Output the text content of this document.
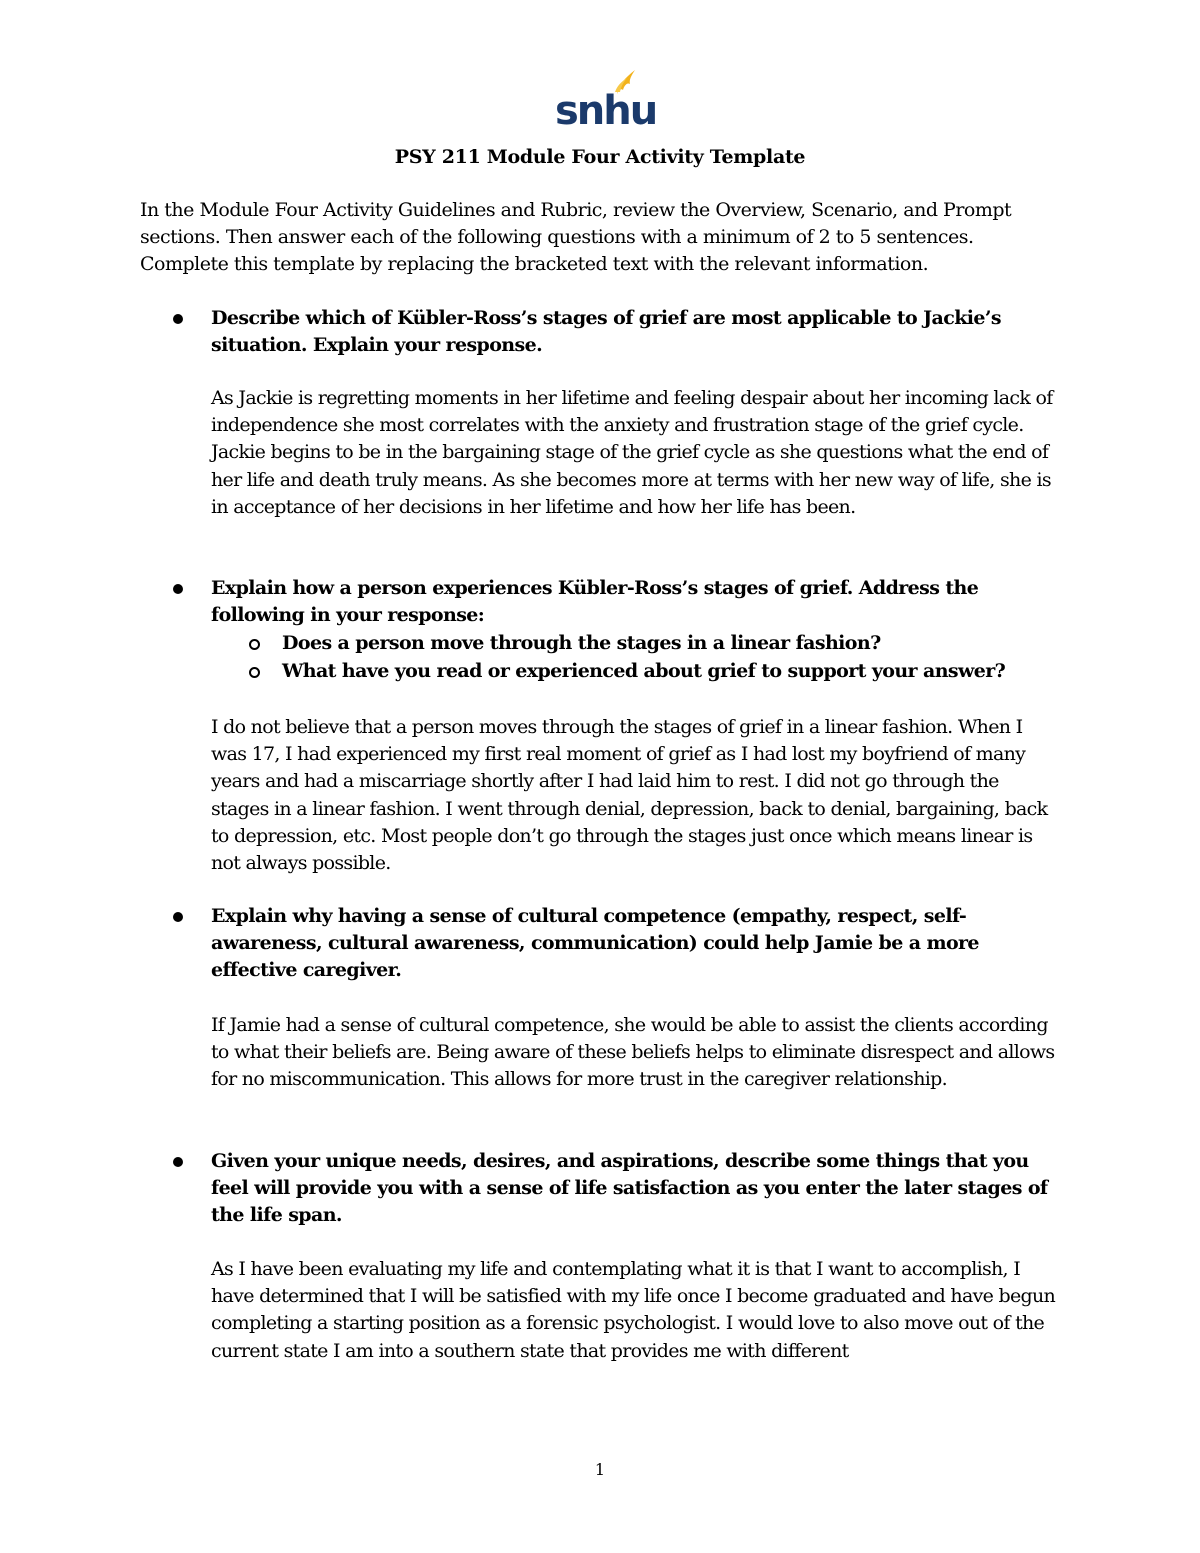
snhu
PSY 211 Module Four Activity Template
In the Module Four Activity Guidelines and Rubric, review the Overview, Scenario, and Prompt sections. Then answer each of the following questions with a minimum of 2 to 5 sentences. Complete this template by replacing the bracketed text with the relevant information.
Describe which of Kübler-Ross’s stages of grief are most applicable to Jackie’s situation. Explain your response.
As Jackie is regretting moments in her lifetime and feeling despair about her incoming lack of independence she most correlates with the anxiety and frustration stage of the grief cycle. Jackie begins to be in the bargaining stage of the grief cycle as she questions what the end of her life and death truly means. As she becomes more at terms with her new way of life, she is in acceptance of her decisions in her lifetime and how her life has been.
Explain how a person experiences Kübler-Ross’s stages of grief. Address the following in your response:
Does a person move through the stages in a linear fashion?
What have you read or experienced about grief to support your answer?
I do not believe that a person moves through the stages of grief in a linear fashion. When I was 17, I had experienced my first real moment of grief as I had lost my boyfriend of many years and had a miscarriage shortly after I had laid him to rest. I did not go through the stages in a linear fashion. I went through denial, depression, back to denial, bargaining, back to depression, etc. Most people don’t go through the stages just once which means linear is not always possible.
Explain why having a sense of cultural competence (empathy, respect, self-awareness, cultural awareness, communication) could help Jamie be a more effective caregiver.
If Jamie had a sense of cultural competence, she would be able to assist the clients according to what their beliefs are. Being aware of these beliefs helps to eliminate disrespect and allows for no miscommunication. This allows for more trust in the caregiver relationship.
Given your unique needs, desires, and aspirations, describe some things that you feel will provide you with a sense of life satisfaction as you enter the later stages of the life span.
As I have been evaluating my life and contemplating what it is that I want to accomplish, I have determined that I will be satisfied with my life once I become graduated and have begun completing a starting position as a forensic psychologist. I would love to also move out of the current state I am into a southern state that provides me with different
1
